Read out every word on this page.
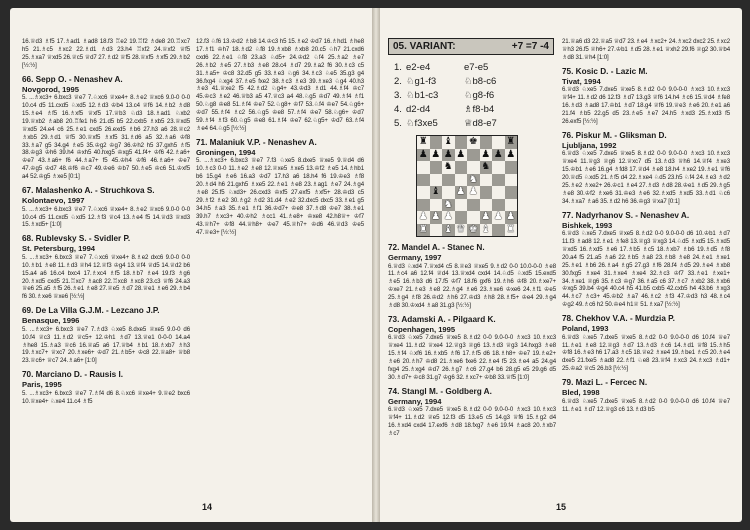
16.♕d3 ♗f5 17.♗ad1 ♗ad8 18.f3 ♖e2 19.♖f2 ♗de8 20.♖xc7 h5 21.♗c5 ♗xc2 22.♗d1 ♗d3 23.h4 ♖xf2 24.♕xf2 ♕f5 25.♗xa7 ♕xd5 26.♕c5 ♕d7 27.♗d2 ♕f5 28.♕xf5 ♗xf5 29.♗b2 [½:½]
66. Sepp O. - Nenashev A.
Novgorod, 1995
5. ...♗xc3+ 6.bxc3 ♕e7 7.♘xc6 ♕xe4+ 8.♗e2 ♕xc6 9.0-0 0-0 10.c4 d5 11.cxd5 ♘xd5 12.♗d3 ♔b4 13.c4 ♕f6 14.♗b2 ♗d8 15.♗e4 ♗f5 16.♗xf5 ♕xf5 17.♕b3 ♘d3 18.♗ad1 ♘xb2 19.♕xb2 ♗ab8 20.♖fe1 h6 21.d5 b5 22.cxb5 ♗xb5 23.♕xd5 ♕xd5 24.e4 c6 25.♗e1 cxd5 26.exd5 ♗b6 27.h3 a6 28.♕c2 ♗xb5 29.♗d1 ♕f5 30.♕xf5 ♗xf5 31.♗d6 a5 32.♗a6 ♔f8 33.♗a7 g5 34.g4 ♗e5 35.♔g2 ♔g7 36.♔h2 h5 37.gxh5 ♗f5 38.♔g3 ♔h6 39.h4 ♔xh5 40.hxg5 ♔xg5 41.f4+ ♔f6 42.♗a6+ ♔e7 43.♗a6+ f6 44.♗a7+ f5 45.♔h4 ♔f6 46.♗a6+ ♔e7 47.♔g5 ♔d7 48.♔f6 ♔c7 49.♔e6 ♔b7 50.♗e5 ♔c6 51.♔xf5 a4 52.♔g5 ♗xe5 [0:1]
67. Malashenko A. - Struchkova S.
Kolontaevo, 1997
5. ...♗xc3+ 6.bxc3 ♕e7 7.♘xc6 ♕xe4+ 8.♗e2 ♕xc6 9.0-0 0-0 10.c4 d5 11.cxd5 ♘xd5 12.♗f3 ♕c4 13.♗e4 f5 14.♕d3 ♕xd3 15.♗xd5+ [1:0]
68. Rublevsky S. - Svidler P.
St. Petersburg, 1994
5. ...♗xc3+ 6.bxc3 ♕e7 7.♘xc6 ♕xe4+ 8.♗e2 dxc6 9.0-0 0-0 10.♗b1 ♗e8 11.♗d3 ♕h4 12.♕f3 ♔g4 13.♕f4 ♕d5 14.♕d2 b6 15.a4 a6 16.c4 bxc4 17.♗xc4 ♗f5 18.♗b7 ♗e4 19.f3 ♗g6 20.♗xd5 cxd5 21.♖xc7 ♗ac8 22.♖xc8 ♗xc8 23.c3 ♕f6 24.a3 ♕e6 25.a5 ♗f5 26.♗e1 ♗e8 27.♕e5 ♗d7 28.♕e1 ♗e6 29.♗b4 f6 30.♗xe6 ♕xe6 [½:½]
69. De La Villa G.J.M. - Lezcano J.P.
Benasque, 1996
5. ...♗xc3+ 6.bxc3 ♕e7 7.♗d3 ♘xe5 8.dxe5 ♕xe5 9.0-0 d6 10.f4 ♕c3 11.♗d2 ♕c5+ 12.♔h1 ♗d7 13.♕e1 0-0-0 14.a4 ♗he8 15.♗a3 ♕c6 16.♕a5 a6 17.♕b4 ♗b1 18.♗xb7 ♗h3 19.♗xc7+ ♕xc7 20.♗xe6+ ♔d7 21.♗b5+ ♔c8 22.♕a8+ ♕b8 23.♕c6+ ♕c7 24.♗a6+ [1:0]
70. Marciano D. - Rausis I.
Paris, 1995
5. ...♗xc3+ 6.bxc3 ♕e7 7.♗f4 d6 8.♘xc6 ♕xe4+ 9.♕e2 bxc6 10.♕xe4+ ♘xe4 11.c4 ♗f5
12.f3 ♘f6 13.♔d2 ♗b8 14.♔c3 h5 15.♗e2 ♔d7 16.♗hd1 ♗he8 17.♗f1 ♔h7 18.♗d2 ♘f8 19.♗xb8 ♗xb8 20.c5 ♘h7 21.cxd6 cxd6 22.♗e1 ♘f8 23.a3 ♘d5+ 24.♔d2 ♘f4 25.♗a2 ♗e7 26.♗b2 ♗e5 27.♗b3 ♗e8 28.c4 ♗d7 29.♗a2 f6 30.♗c3 c5 31.♗a5+ ♔c8 32.d5 g5 33.♗e3 ♘g6 34.♗c3 ♘e5 35.g3 g4 36.fxg4 ♘xg4 37.♗e5 fxe2 38.♗c3 ♗e3 39.♗xe3 ♘g4 40.h3 ♗e3 41.♕xe2 f5 42.♗d2 ♘g4+ 43.♔d3 ♗d1 44.♗f4 ♔c7 45.♔c3 ♗e2 46.♕b3 a5 47.♕c3 a4 48.♘g5 ♔d7 49.♗f4 ♗f1 50.♘g8 ♔e8 51.♗f4 ♔e7 52.♘g8+ ♔f7 53.♘f4 ♔e7 54.♘g6+ ♔d7 55.♗f4 ♗c2 56.♘g5 ♔e8 57.♗f4 ♔e7 58.♘g6+ ♔d7 59.♗f4 ♗f3 60.♘g5 ♔e8 61.♗f4 ♔e7 62.♘g5+ ♔d7 63.♗f4 ♗e4 64.♘g5 [½:½]
71. Malaniuk V.P. - Nenashev A.
Groningen, 1994
5. ...♗xc3+ 6.bxc3 ♕e7 7.f3 ♘xe5 8.dxe5 ♕xe5 9.♕d4 d6 10.♗c3 0-0 11.♗e2 ♗e8 12.♕xe5 ♗xe5 13.♔f2 ♗e5 14.♗hb1 b6 15.g4 ♗e6 16.a3 ♔d7 17.h3 a6 18.h4 f6 19.♔e3 ♗f8 20.♗d4 h6 21.gxh5 ♗xe5 22.♗e1 ♗e8 23.♗ag1 ♗e7 24.♗g4 ♗e8 25.f5 ♘xd3+ 26.cxd3 ♔xf5 27.exf5 ♗xf5+ 28.♔d3 c5 29.♗f2 ♗e2 30.♗g2 ♗d2 31.d4 ♗e2 32.dxc5 dxc5 33.♗e1 g5 34.h5 ♗a3 35.♗e1 ♗f1 36.♔d7+ ♔e8 37.♗d8 ♔e7 38.♗e1 39.h7 ♗xc3+ 40.♔h2 ♗cc1 41.♗e8+ ♔xe8 42.h8♕+ ♔f7 43.♕h7+ ♔f8 44.♕h8+ ♔e7 45.♕h7+ ♔d6 46.♕d3 ♔e5 47.♕e3+ [½:½]
14
05. VARIANT:	+7 =7 -4
1. e2-e4	e7-e5
2. ♘g1-f3	♘b8-c6
3. ♘b1-c3	♘g8-f6
4. d2-d4	♗f8-b4
5. ♘f3xe5	♕d8-e7
♜ ♝ ♚	♜
♟ ♟ ♟ ♟ ♟ ♟ ♟
♞	♞
♞
♝ ♟ ♟
♞
♟ ♟ ♟	♟ ♟ ♟
♜ ♝ ♛ ♚ ♝ ♜
72. Mandel A. - Stanec N.
Germany, 1997
6.♕d3 ♘xd4 7.♕xd4 c5 8.♕e3 ♕xe5 9.♗d2 0-0 10.0-0-0 ♗e8 11.♗c4 a6 12.f4 ♕d4 13.♕xd4 cxd4 14.♘d5 ♘xd5 15.exd5 ♗e5 16.♗b3 d6 17.f5 ♔f7 18.f6 gxf6 19.♗h6 ♔f8 20.♗xe7+ ♔xe7 21.♗e3 ♗e8 22.♗g4 ♗e6 23.♗xe6 ♔xe6 24.♗f1 ♔e5 25.♗g4 ♗f8 26.♔d2 ♗h6 27.♔d3 ♗h8 28.♗f5+ ♔e4 29.♗g4 ♗d8 30.♔xd4 ♗a8 31.g3 [½:½]
73. Adamski A. - Pilgaard K.
Copenhagen, 1995
6.♕d3 ♘xe5 7.dxe5 ♕xe5 8.♗d2 0-0 9.0-0-0 ♗xc3 10.♗xc3 ♕xe4 11.♗d2 ♕xe4 12.♕g3 ♕g6 13.♗d3 ♕g3 14.hxg3 ♗e8 15.♗f4 ♘xf6 16.♗xb5 ♗f6 17.♗f5 d6 18.♗h8+ ♔e7 19.♗e2+ ♗e6 20.♗h7 ♔d8 21.♗xe6 fxe6 22.♗e4 f5 23.♗e4 a5 24.g4 fxg4 25.♗xg4 ♔d7 26.♗g7 ♗c6 27.g4 b6 28.g5 e5 29.g6 d5 30.♗d7+ ♔c8 31.g7 ♔g6 32.♗xc7+ ♔b8 33.♕f5 [1:0]
74. Stangl M. - Goldberg A.
Germany, 1994
6.♕d3 ♘xe5 7.dxe5 ♕xe5 8.♗d2 0-0 9.0-0-0 ♗xc3 10.♗xc3 ♕f4+ 11.♗d2 ♕e5 12.f3 d5 13.e5 c5 14.g3 ♕f6 15.♗g2 d4 16.♗xd4 cxd4 17.exf6 ♗d8 18.fxg7 ♗e6 19.f4 ♗ac8 20.♗xb7 ♗c7
21.♕a6 d3 22.♕a5 ♕d7 23.♗e4 ♗xc2+ 24.♗xc2 dxc2 25.♗xc2 ♕h3 26.f5 ♕h6+ 27.♔b1 ♗d5 28.♗e1 ♕xh2 29.f6 ♕g2 30.♕b4 ♗d8 31.♕h4 [1:0]
75. Kosic D. - Lazic M.
Tivat, 1994
6.♕d3 ♘xe5 7.dxe5 ♕xe5 8.♗d2 0-0 9.0-0-0 ♗xc3 10.♗xc3 ♕f4+ 11.♗d2 d6 12.f3 ♗d7 13.g3 ♕f6 14.h4 ♗c6 15.♕d4 ♗fe8 16.♗d3 ♗ad8 17.♔b1 ♗d7 18.g4 ♕f6 19.♕e3 ♗e6 20.♗e1 a6 21.f4 ♗b5 22.g5 d5 23.♗e5 ♗e7 24.h5 ♗xd3 25.♗xd3 f5 26.exf5 [½:½]
76. Piskur M. - Gliksman D.
Ljubljana, 1992
6.♕d3 ♘xe5 7.dxe5 ♕xe5 8.♗d2 0-0 9.0-0-0 ♗xc3 10.♗xc3 ♕xe4 11.♕g3 ♕g6 12.♕xc7 d5 13.♗d3 ♕h6 14.♕f4 ♗xe3 15.♔b1 ♗e6 16.g4 ♗fd8 17.♕d4 ♗e8 18.h4 ♗xe2 19.♗e1 ♕f6 20.♕d5 ♘xd5 21.♗f5 d4 22.♗xe4 ♘d5 23.h5 ♘f4 24.♗e3 ♗d2 25.♗e2 ♗xe2+ 26.♔c1 ♗e4 27.♗d3 ♗d8 28.♔e1 ♗d5 29.♗g5 ♗e8 30.♔f2 ♗xe6 31.♔e3 ♗e6 32.♗xd5 ♗xd5 33.♗d1 ♘c6 34.♗xa7 ♗a6 35.♗d2 h6 36.♔g3 ♕xa7 [0:1]
77. Nadyrhanov S. - Nenashev A.
Bishkek, 1993
6.♕d3 ♘xe5 7.dxe5 ♕xe5 8.♗d2 0-0 9.0-0-0 d6 10.♔b1 ♗d7 11.f3 ♗ad8 12.♗e1 ♗fe8 13.♕g3 ♕xg3 14.♘d5 ♗xd5 15.♗xd5 ♕xd5 16.♗xd5 ♗e6 17.♗b5 ♗c5 18.♗xb7 ♗b6 19.♗d5 ♗f8 20.a4 f5 21.a5 ♗a6 22.♗b5 ♗a8 23.♗b8 ♗e8 24.♗e1 ♗xe1 25.♗e1 ♗b6 26.♗a4 ♗g5 27.g3 ♗f6 28.f4 ♗d5 29.♗e4 ♗xb8 30.fxg5 ♗xe4 31.♗xe4 ♗xe4 32.♗c3 ♔f7 33.♗e1 ♗xe1+ 34.♗xe1 ♕g6 35.♗c3 ♔g7 36.♗a5 c6 37.♗c7 ♗xb2 38.♗xb6 ♔xg5 39.b4 ♔g4 40.c4 h5 41.b5 cxb5 42.cxb5 h4 43.b6 ♗xg3 44.♗c7 ♗c3+ 45.♔b2 ♗a7 46.♗c2 ♗f3 47.♔d3 h3 48.♗c4 ♔g2 49.♗c6 h2 50.♔e4 h1♕ 51.♗xa7 [½:½]
78. Chekhov V.A. - Murdzia P.
Poland, 1993
6.♕d3 ♘xe5 7.dxe5 ♕xe5 8.♗d2 0-0 9.0-0-0 d6 10.f4 ♕e7 11.♗e1 ♗e8 12.♕g3 ♗d7 13.♗d3 ♗c6 14.♗d1 ♕f8 15.♗h5 ♔f8 16.♗e3 h6 17.a3 ♗c5 18.♕e2 ♗xe4 19.♗be1 ♗c5 20.♗e4 dxe5 21.fxe5 ♗ad8 22.♗f1 ♘e8 23.♕f4 ♗xc3 24.♗xc3 ♗d1+ 25.♔a2 ♕c5 26.b3 [½:½]
79. Mazi L. - Fercec N.
Bled, 1998
6.♕d3 ♘xe5 7.dxe5 ♕xe5 8.♗d2 0-0 9.0-0-0 d6 10.f4 ♕e7 11.♗e1 ♗d7 12.♕g3 c6 13.♗d3 b5
15
